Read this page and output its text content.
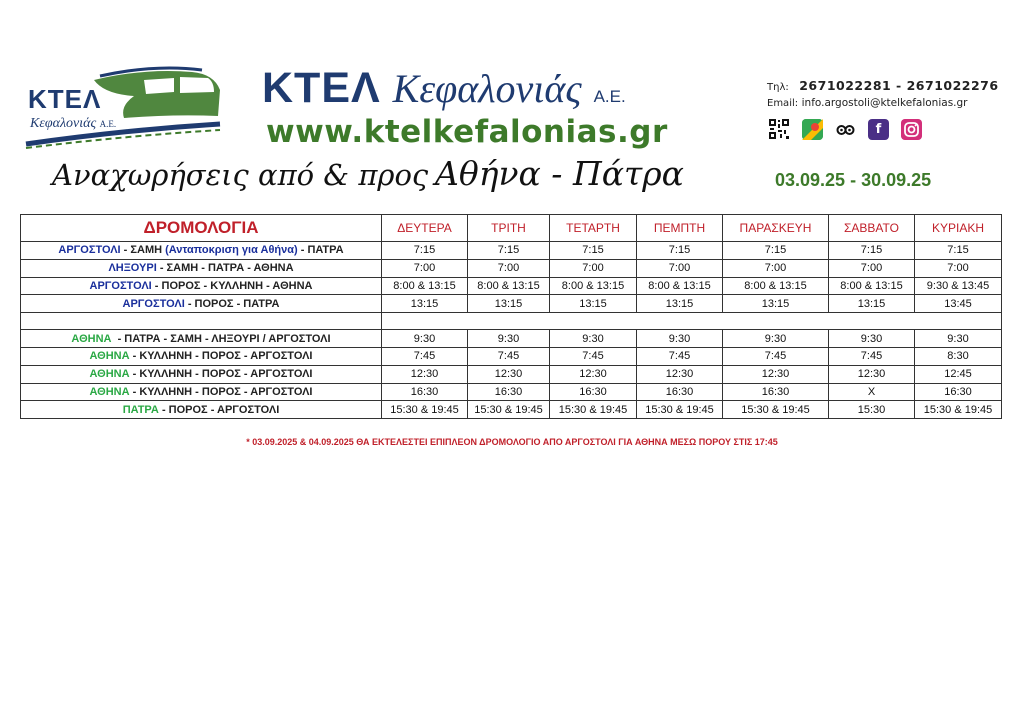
ΚΤΕΛ
Κεφαλονιάς Α.Ε.
ΚΤΕΛ Κεφαλονιάς Α.Ε.
www.ktelkefalonias.gr
Τηλ: 2671022281 - 2671022276
Email: info.argostoli@ktelkefalonias.gr
f
Αναχωρήσεις από & προς Αθήνα - Πάτρα	03.09.25 - 30.09.25
ΔΡΟΜΟΛΟΓΙΑ	ΔΕΥΤΕΡΑ	ΤΡΙΤΗ	ΤΕΤΑΡΤΗ	ΠΕΜΠΤΗ	ΠΑΡΑΣΚΕΥΗ	ΣΑΒΒΑΤΟ	ΚΥΡΙΑΚΗ
ΑΡΓΟΣΤΟΛΙ - ΣΑΜΗ (Ανταποκριση για Αθήνα) - ΠΑΤΡΑ	7:15	7:15	7:15	7:15	7:15	7:15	7:15
ΛΗΞΟΥΡΙ - ΣΑΜΗ - ΠΑΤΡΑ - ΑΘΗΝΑ	7:00	7:00	7:00	7:00	7:00	7:00	7:00
ΑΡΓΟΣΤΟΛΙ - ΠΟΡΟΣ - ΚΥΛΛΗΝΗ - ΑΘΗΝΑ	8:00 & 13:15	8:00 & 13:15	8:00 & 13:15	8:00 & 13:15	8:00 & 13:15	8:00 & 13:15	9:30 & 13:45
ΑΡΓΟΣΤΟΛΙ - ΠΟΡΟΣ - ΠΑΤΡΑ	13:15	13:15	13:15	13:15	13:15	13:15	13:45

ΑΘΗΝΑ  - ΠΑΤΡΑ - ΣΑΜΗ - ΛΗΞΟΥΡΙ / ΑΡΓΟΣΤΟΛΙ	9:30	9:30	9:30	9:30	9:30	9:30	9:30
ΑΘΗΝΑ - ΚΥΛΛΗΝΗ - ΠΟΡΟΣ - ΑΡΓΟΣΤΟΛΙ	7:45	7:45	7:45	7:45	7:45	7:45	8:30
ΑΘΗΝΑ - ΚΥΛΛΗΝΗ - ΠΟΡΟΣ - ΑΡΓΟΣΤΟΛΙ	12:30	12:30	12:30	12:30	12:30	12:30	12:45
ΑΘΗΝΑ - ΚΥΛΛΗΝΗ - ΠΟΡΟΣ - ΑΡΓΟΣΤΟΛΙ	16:30	16:30	16:30	16:30	16:30	X	16:30
ΠΑΤΡΑ - ΠΟΡΟΣ - ΑΡΓΟΣΤΟΛΙ	15:30 & 19:45	15:30 & 19:45	15:30 & 19:45	15:30 & 19:45	15:30 & 19:45	15:30	15:30 & 19:45
* 03.09.2025 & 04.09.2025 ΘΑ ΕΚΤΕΛΕΣΤΕΙ ΕΠΙΠΛΕΟΝ ΔΡΟΜΟΛΟΓΙΟ ΑΠΟ ΑΡΓΟΣΤΟΛΙ ΓΙΑ ΑΘΗΝΑ ΜΕΣΩ ΠΟΡΟΥ ΣΤΙΣ 17:45
